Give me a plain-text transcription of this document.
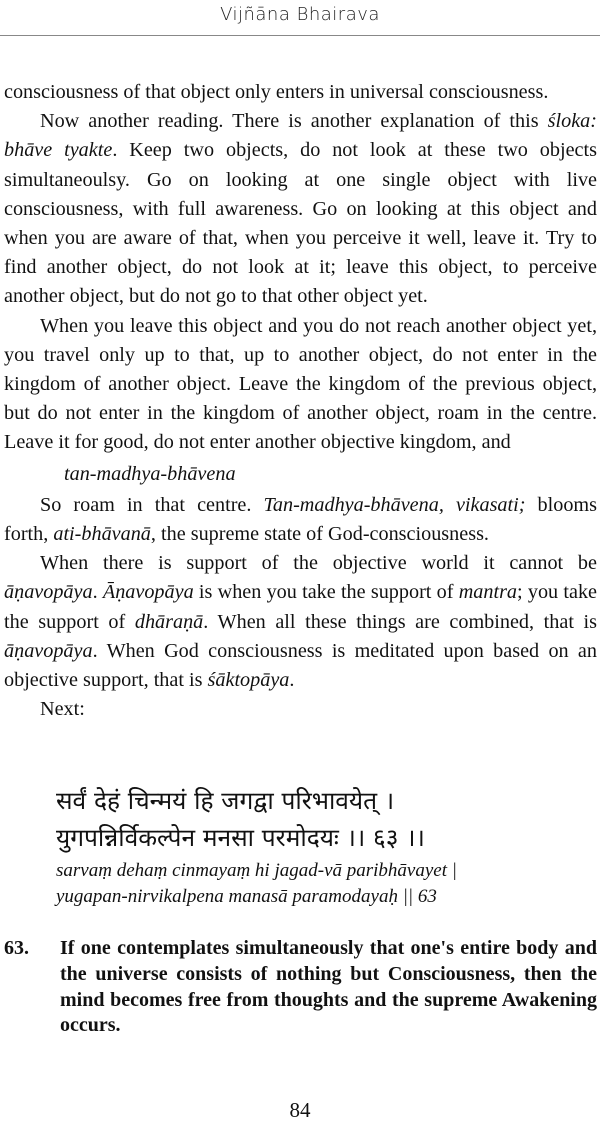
Vijñāna Bhairava

consciousness of that object only enters in universal consciousness.

Now another reading. There is another explanation of this śloka: bhāve tyakte. Keep two objects, do not look at these two objects simultaneoulsy. Go on looking at one single object with live consciousness, with full awareness. Go on looking at this object and when you are aware of that, when you perceive it well, leave it. Try to find another object, do not look at it; leave this object, to perceive another object, but do not go to that other object yet.

When you leave this object and you do not reach another object yet, you travel only up to that, up to another object, do not enter in the kingdom of another object. Leave the kingdom of the previous object, but do not enter in the kingdom of another object, roam in the centre. Leave it for good, do not enter another objective kingdom, and

tan-madhya-bhāvena

So roam in that centre. Tan-madhya-bhāvena, vikasati; blooms forth, ati-bhāvanā, the supreme state of God-consciousness.

When there is support of the objective world it cannot be āṇavopāya. Āṇavopāya is when you take the support of mantra; you take the support of dhāraṇā. When all these things are combined, that is āṇavopāya. When God consciousness is meditated upon based on an objective support, that is śāktopāya.

Next:

सर्वं देहं चिन्मयं हि जगद्वा परिभावयेत् ।
युगपन्निर्विकल्पेन मनसा परमोदयः ।। ६३ ।।
sarvaṃ dehaṃ cinmayaṃ hi jagad-vā paribhāvayet |
yugapan-nirvikalpena manasā paramodayaḥ || 63
63. If one contemplates simultaneously that one's entire body and the universe consists of nothing but Consciousness, then the mind becomes free from thoughts and the supreme Awakening occurs.
84
